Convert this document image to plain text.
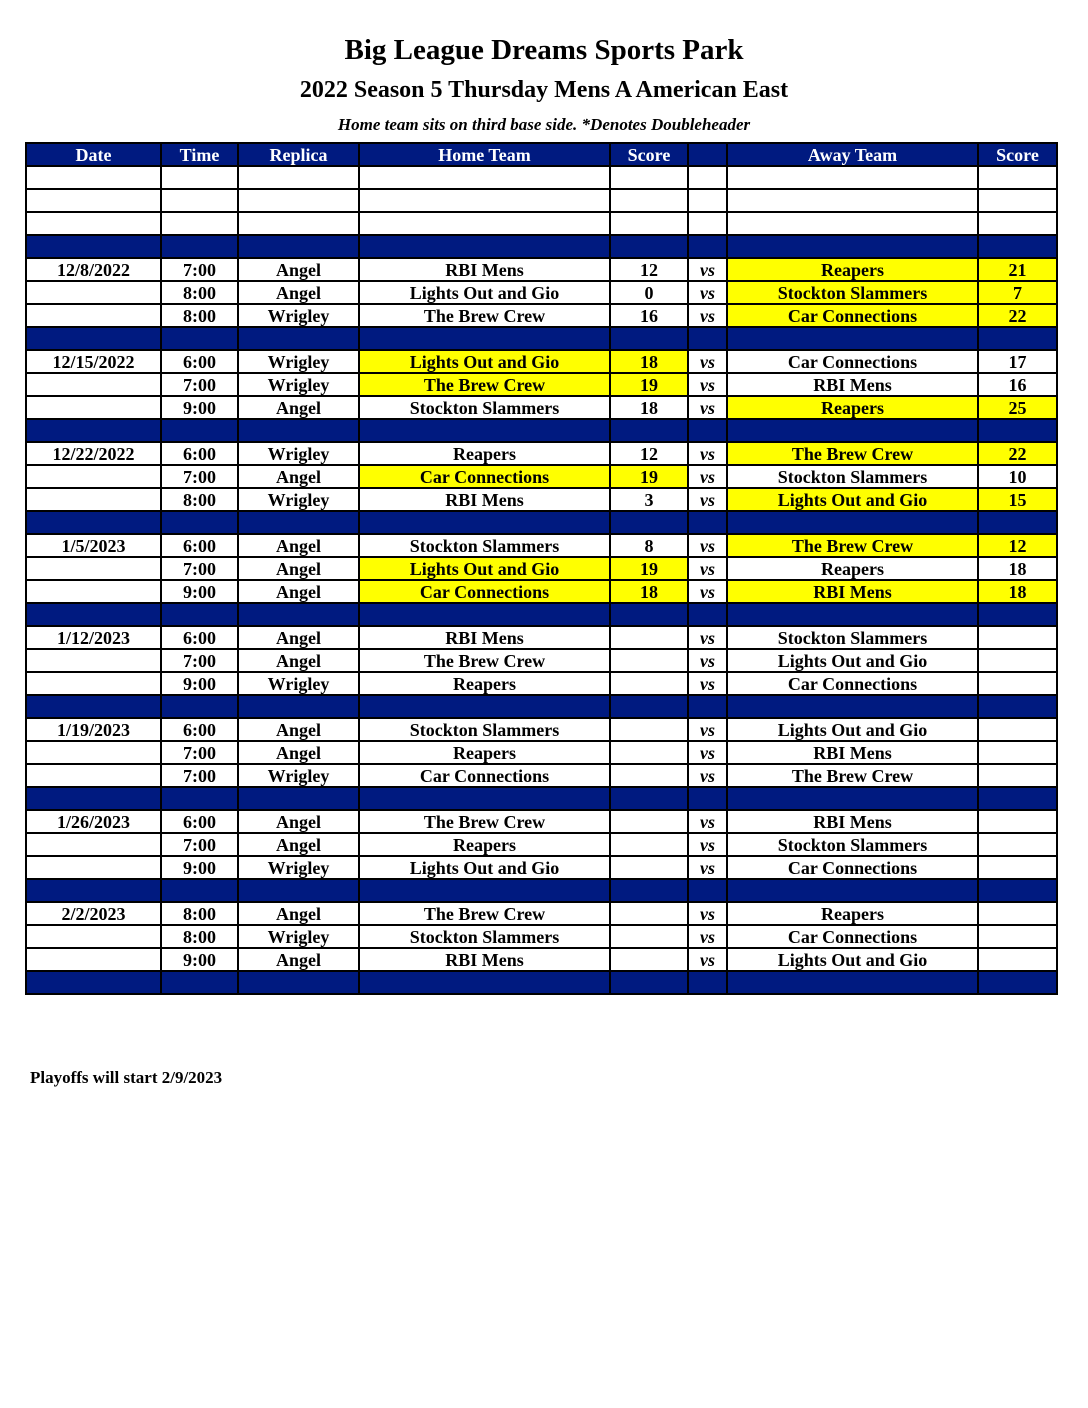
Big League Dreams Sports Park
2022 Season 5 Thursday Mens A American East
Home team sits on third base side. *Denotes Doubleheader
Date	Time	Replica	Home Team	Score		Away Team	Score

12/8/2022	7:00	Angel	RBI Mens	12	vs	Reapers	21
	8:00	Angel	Lights Out and Gio	0	vs	Stockton Slammers	7
	8:00	Wrigley	The Brew Crew	16	vs	Car Connections	22

12/15/2022	6:00	Wrigley	Lights Out and Gio	18	vs	Car Connections	17
	7:00	Wrigley	The Brew Crew	19	vs	RBI Mens	16
	9:00	Angel	Stockton Slammers	18	vs	Reapers	25

12/22/2022	6:00	Wrigley	Reapers	12	vs	The Brew Crew	22
	7:00	Angel	Car Connections	19	vs	Stockton Slammers	10
	8:00	Wrigley	RBI Mens	3	vs	Lights Out and Gio	15

1/5/2023	6:00	Angel	Stockton Slammers	8	vs	The Brew Crew	12
	7:00	Angel	Lights Out and Gio	19	vs	Reapers	18
	9:00	Angel	Car Connections	18	vs	RBI Mens	18

1/12/2023	6:00	Angel	RBI Mens		vs	Stockton Slammers	
	7:00	Angel	The Brew Crew		vs	Lights Out and Gio	
	9:00	Wrigley	Reapers		vs	Car Connections	

1/19/2023	6:00	Angel	Stockton Slammers		vs	Lights Out and Gio	
	7:00	Angel	Reapers		vs	RBI Mens	
	7:00	Wrigley	Car Connections		vs	The Brew Crew	

1/26/2023	6:00	Angel	The Brew Crew		vs	RBI Mens	
	7:00	Angel	Reapers		vs	Stockton Slammers	
	9:00	Wrigley	Lights Out and Gio		vs	Car Connections	

2/2/2023	8:00	Angel	The Brew Crew		vs	Reapers	
	8:00	Wrigley	Stockton Slammers		vs	Car Connections	
	9:00	Angel	RBI Mens		vs	Lights Out and Gio	

Playoffs will start 2/9/2023
